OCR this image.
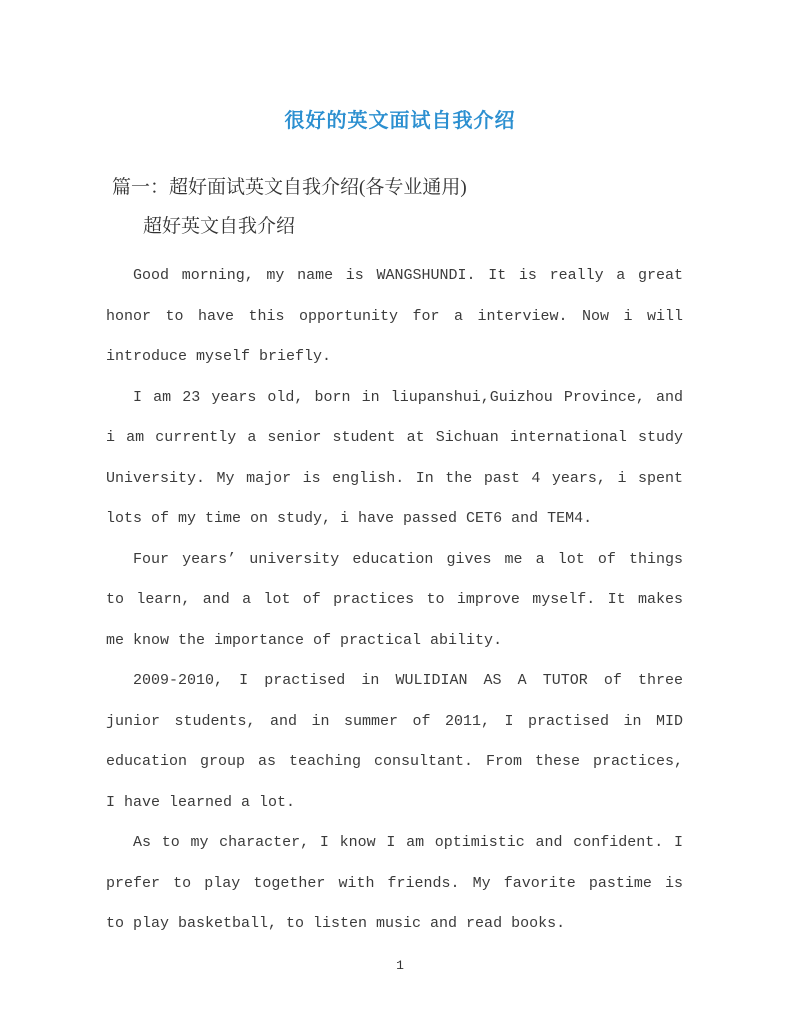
很好的英文面试自我介绍
篇一：超好面试英文自我介绍(各专业通用)
超好英文自我介绍
Good morning, my name is WANGSHUNDI. It is really a great
honor to have this opportunity for a interview. Now i will
introduce myself briefly.
I am 23 years old, born in liupanshui,Guizhou Province, and
i am currently a senior student at Sichuan international study
University. My major is english. In the past 4 years, i spent
lots of my time on study, i have passed CET6 and TEM4.
Four years’ university education gives me a lot of things
to learn, and a lot of practices to improve myself. It makes
me know the importance of practical ability.
2009-2010, I practised in WULIDIAN AS A TUTOR of three
junior students, and in summer of 2011, I practised in MID
education group as teaching consultant. From these practices,
I have learned a lot.
As to my character, I know I am optimistic and confident. I
prefer to play together with friends. My favorite pastime is
to play basketball, to listen music and read books.
1
